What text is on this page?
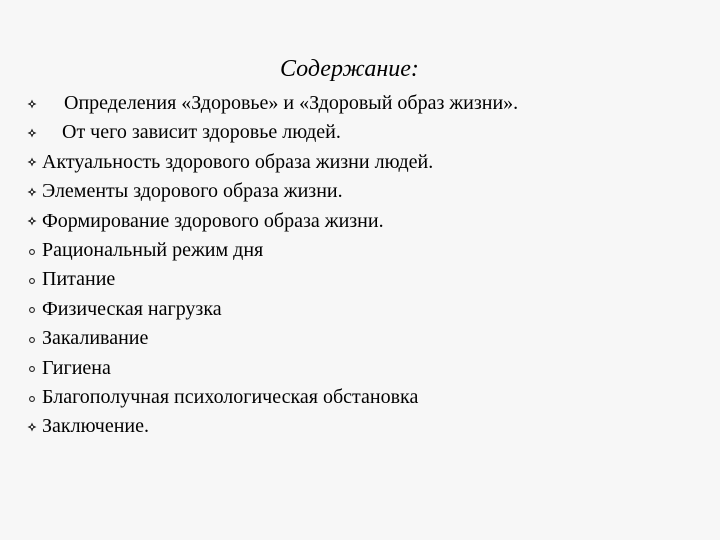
Содержание:
Определения «Здоровье» и «Здоровый образ жизни».
От чего зависит здоровье людей.
Актуальность здорового образа жизни людей.
Элементы здорового образа жизни.
Формирование здорового образа жизни.
Рациональный режим дня
Питание
Физическая нагрузка
Закаливание
Гигиена
Благополучная психологическая обстановка
Заключение.
